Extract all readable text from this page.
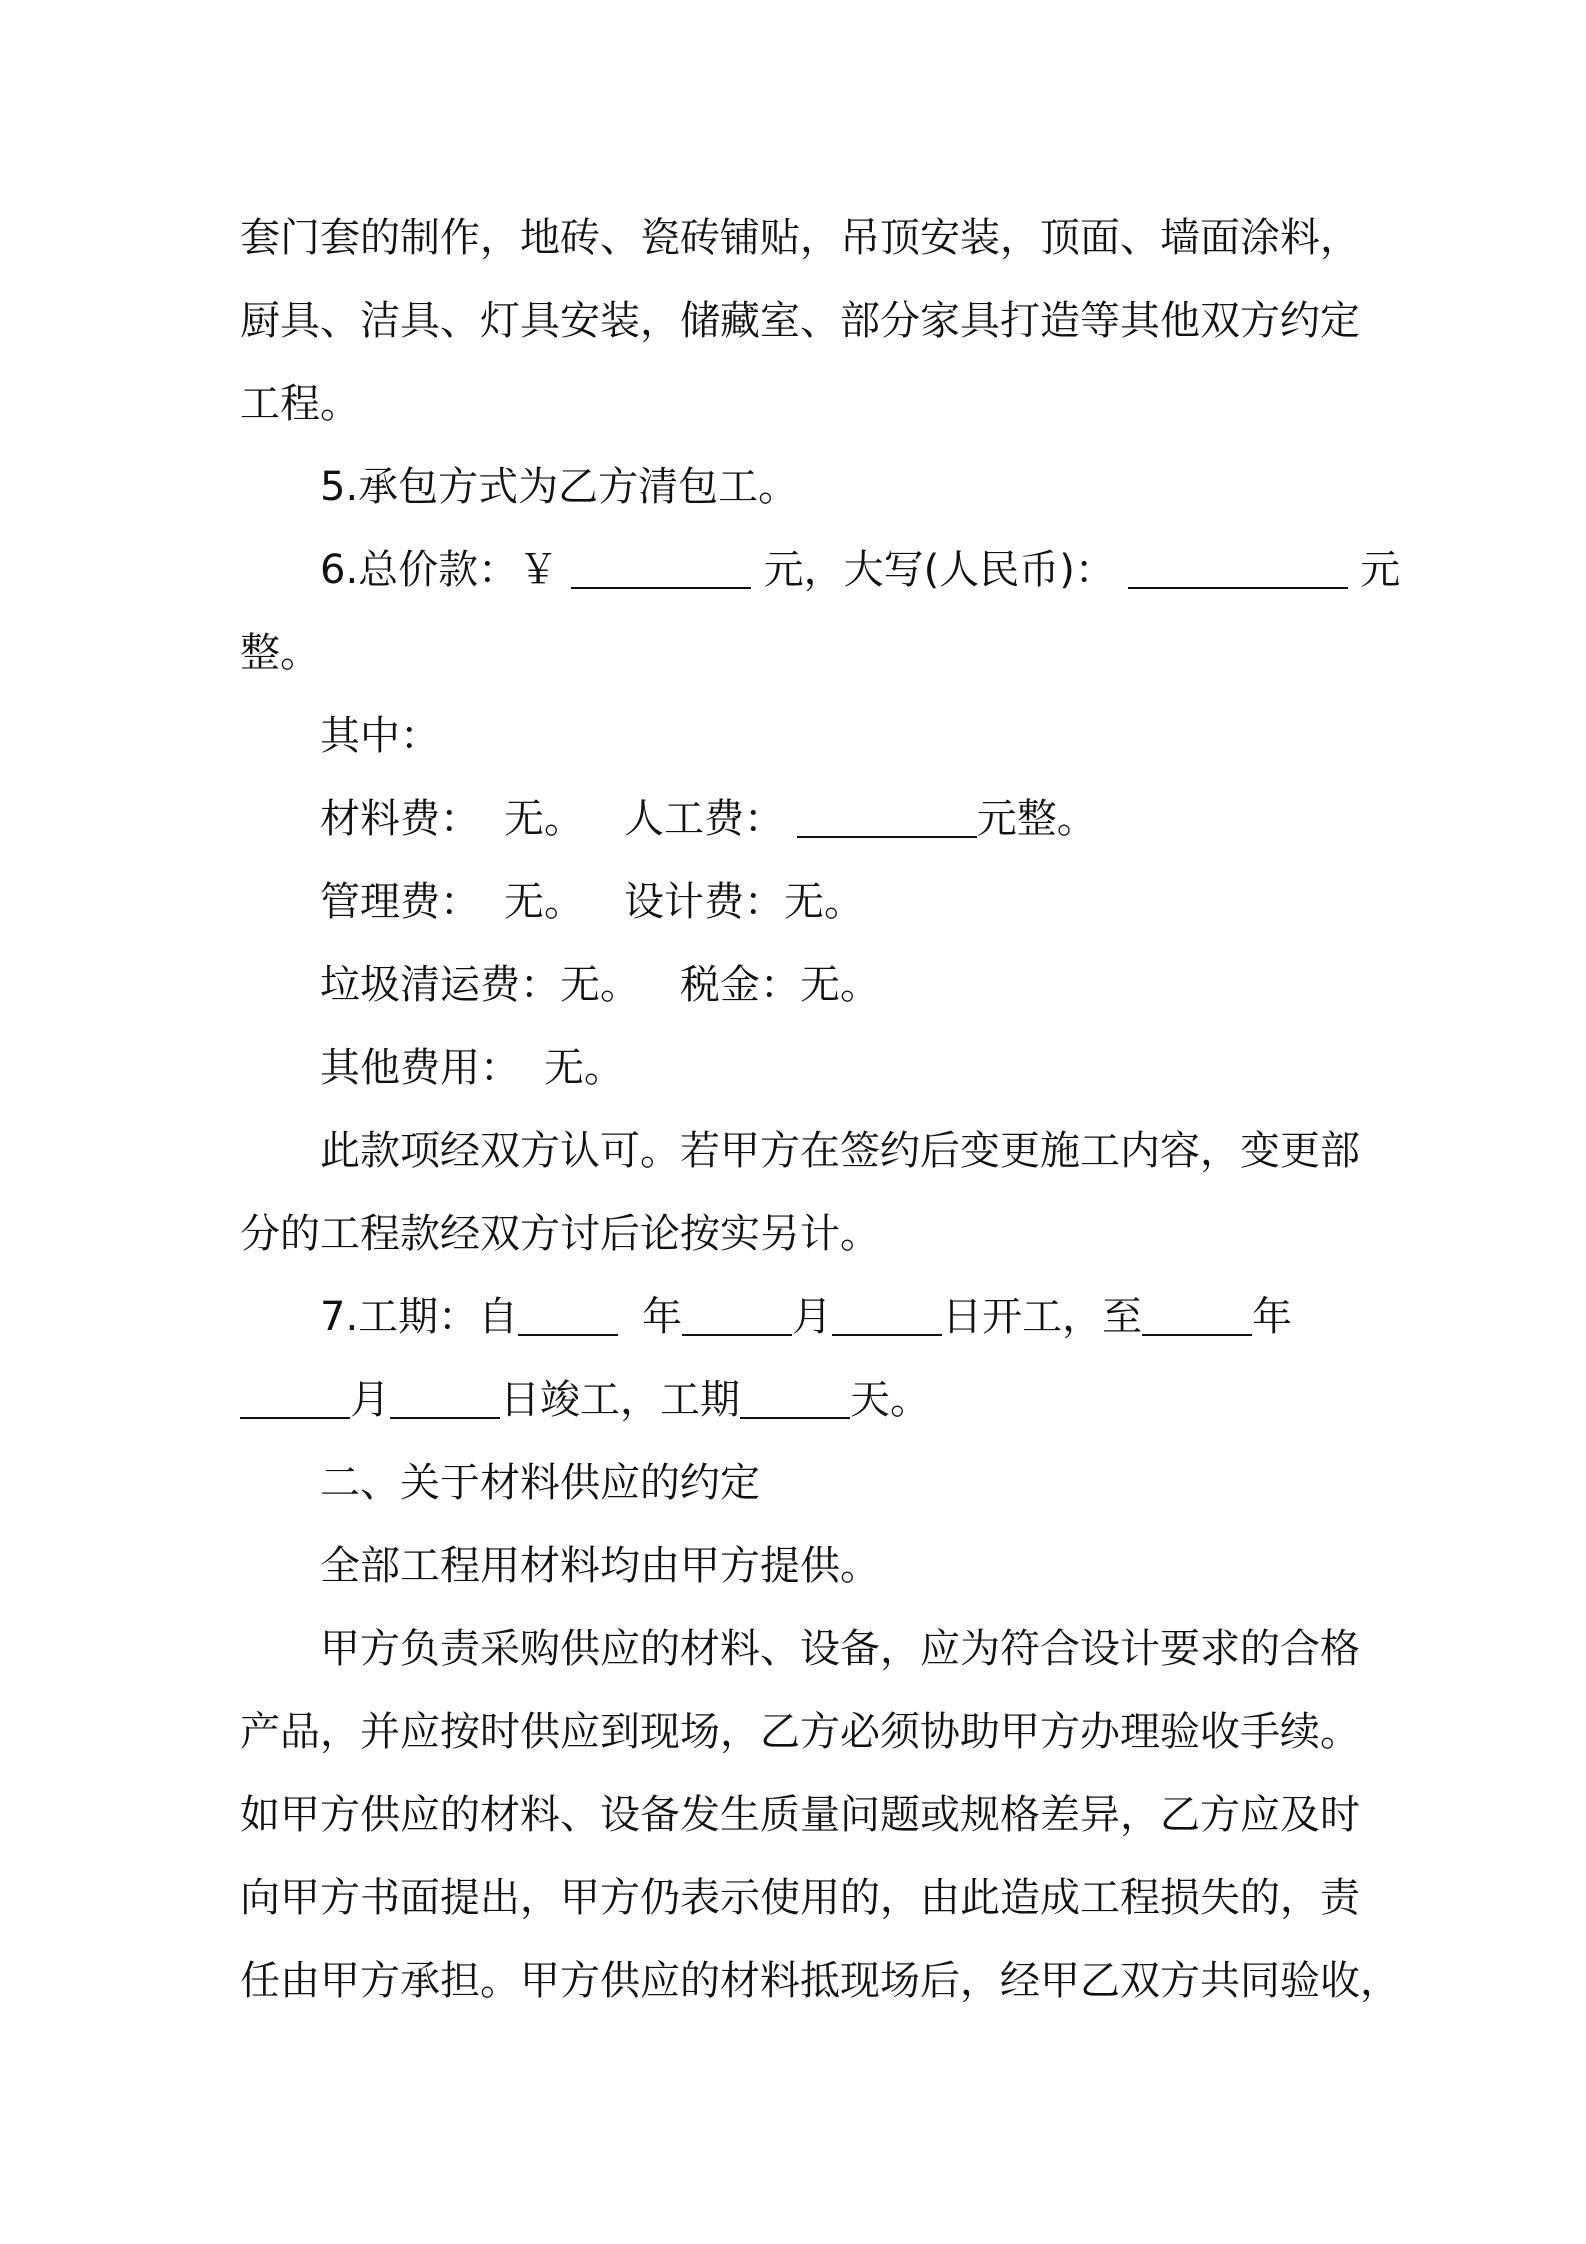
套门套的制作，地砖、瓷砖铺贴，吊顶安装，顶面、墙面涂料，
厨具、洁具、灯具安装，储藏室、部分家具打造等其他双方约定
工程。
5.承包方式为乙方清包工。
6.总价款：￥	元，大写(人民币)：	元
整。
其中：
材料费： 无。 人工费：	元整。
管理费： 无。 设计费：无。
垃圾清运费：无。 税金：无。
其他费用： 无。
此款项经双方认可。若甲方在签约后变更施工内容，变更部
分的工程款经双方讨后论按实另计。
7.工期：自	年	月	日开工，至	年
月	日竣工，工期	天。
二、关于材料供应的约定
全部工程用材料均由甲方提供。
甲方负责采购供应的材料、设备，应为符合设计要求的合格
产品，并应按时供应到现场，乙方必须协助甲方办理验收手续。
如甲方供应的材料、设备发生质量问题或规格差异，乙方应及时
向甲方书面提出，甲方仍表示使用的，由此造成工程损失的，责
任由甲方承担。甲方供应的材料抵现场后，经甲乙双方共同验收，
